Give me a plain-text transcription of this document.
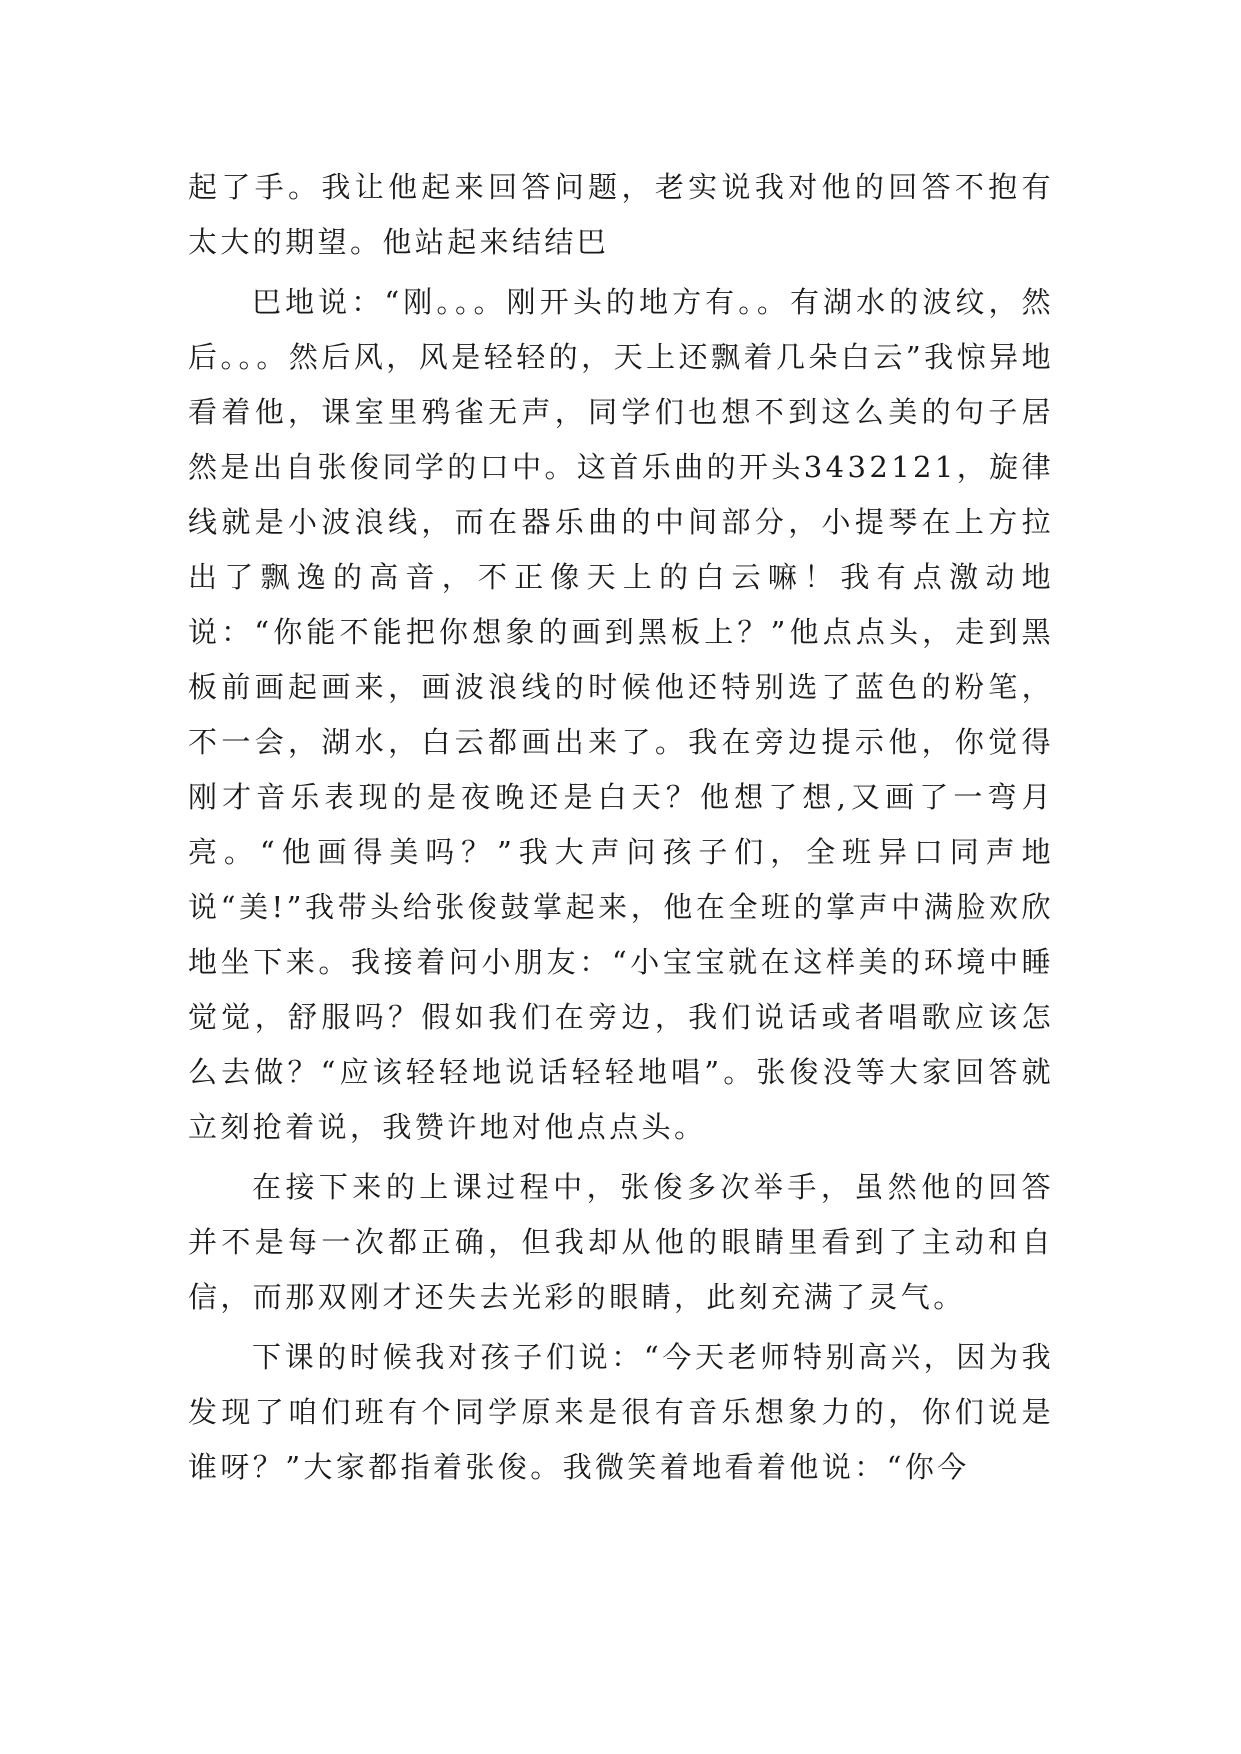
起了手。我让他起来回答问题，老实说我对他的回答不抱有太大的期望。他站起来结结巴

巴地说：“刚。。。刚开头的地方有。。有湖水的波纹，然后。。。然后风，风是轻轻的，天上还飘着几朵白云”我惊异地看着他，课室里鸦雀无声，同学们也想不到这么美的句子居然是出自张俊同学的口中。这首乐曲的开头3432121，旋律线就是小波浪线，而在器乐曲的中间部分，小提琴在上方拉出了飘逸的高音，不正像天上的白云嘛！我有点激动地说：“你能不能把你想象的画到黑板上？”他点点头，走到黑板前画起画来，画波浪线的时候他还特别选了蓝色的粉笔，不一会，湖水，白云都画出来了。我在旁边提示他，你觉得刚才音乐表现的是夜晚还是白天？他想了想,又画了一弯月亮。“他画得美吗？”我大声问孩子们，全班异口同声地说“美!”我带头给张俊鼓掌起来，他在全班的掌声中满脸欢欣地坐下来。我接着问小朋友：“小宝宝就在这样美的环境中睡觉觉，舒服吗？假如我们在旁边，我们说话或者唱歌应该怎么去做？“应该轻轻地说话轻轻地唱”。张俊没等大家回答就立刻抢着说，我赞许地对他点点头。

在接下来的上课过程中，张俊多次举手，虽然他的回答并不是每一次都正确，但我却从他的眼睛里看到了主动和自信，而那双刚才还失去光彩的眼睛，此刻充满了灵气。

下课的时候我对孩子们说：“今天老师特别高兴，因为我发现了咱们班有个同学原来是很有音乐想象力的，你们说是谁呀？”大家都指着张俊。我微笑着地看着他说：“你今
